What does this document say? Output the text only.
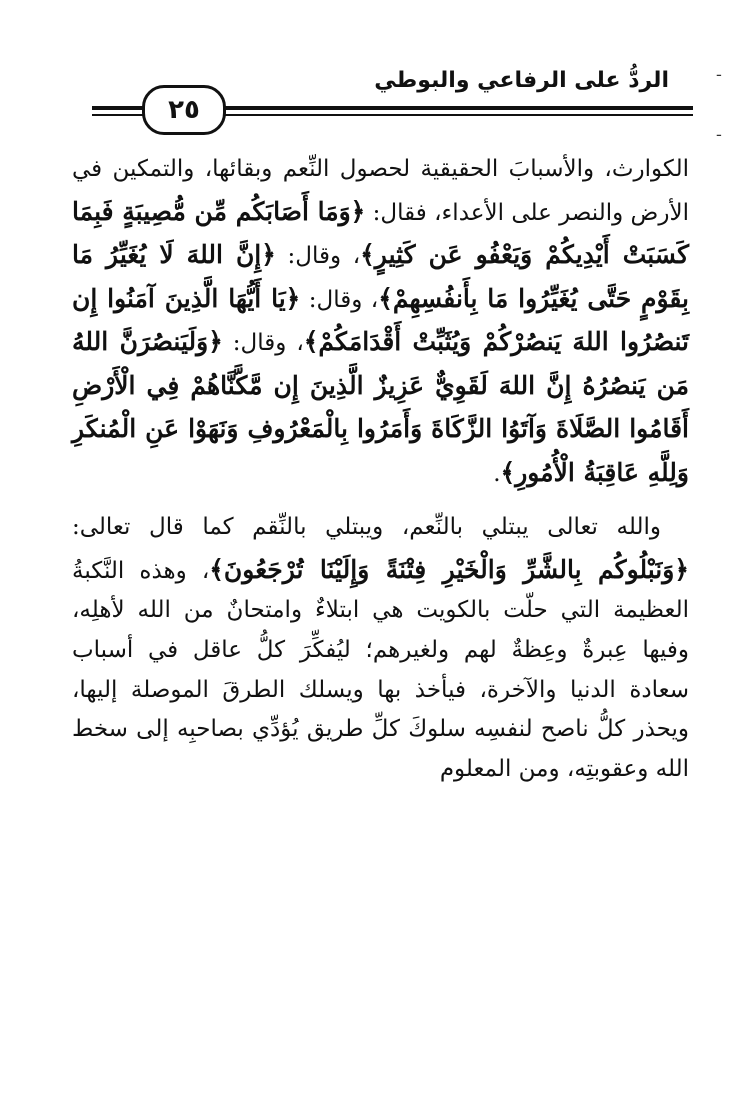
ـ
الردُّ على الرفاعي والبوطي
٢٥
ـ

الكوارث، والأسبابَ الحقيقية لحصول النِّعم وبقائها، والتمكين في الأرض والنصر على الأعداء، فقال: ﴿وَمَا أَصَابَكُم مِّن مُّصِيبَةٍ فَبِمَا كَسَبَتْ أَيْدِيكُمْ وَيَعْفُو عَن كَثِيرٍ﴾، وقال: ﴿إِنَّ اللهَ لَا يُغَيِّرُ مَا بِقَوْمٍ حَتَّى يُغَيِّرُوا مَا بِأَنفُسِهِمْ﴾، وقال: ﴿يَا أَيُّهَا الَّذِينَ آمَنُوا إِن تَنصُرُوا اللهَ يَنصُرْكُمْ وَيُثَبِّتْ أَقْدَامَكُمْ﴾، وقال: ﴿وَلَيَنصُرَنَّ اللهُ مَن يَنصُرُهُ إِنَّ اللهَ لَقَوِيٌّ عَزِيزٌ الَّذِينَ إِن مَّكَّنَّاهُمْ فِي الْأَرْضِ أَقَامُوا الصَّلَاةَ وَآتَوُا الزَّكَاةَ وَأَمَرُوا بِالْمَعْرُوفِ وَنَهَوْا عَنِ الْمُنكَرِ وَلِلَّهِ عَاقِبَةُ الْأُمُورِ﴾.

والله تعالى يبتلي بالنِّعم، ويبتلي بالنِّقم كما قال تعالى: ﴿وَنَبْلُوكُم بِالشَّرِّ وَالْخَيْرِ فِتْنَةً وَإِلَيْنَا تُرْجَعُونَ﴾، وهذه النَّكبةُ العظيمة التي حلّت بالكويت هي ابتلاءٌ وامتحانٌ من الله لأهلِه، وفيها عِبرةٌ وعِظةٌ لهم ولغيرهم؛ ليُفكِّرَ كلُّ عاقل في أسباب سعادة الدنيا والآخرة، فيأخذ بها ويسلك الطرقَ الموصلة إليها، ويحذر كلُّ ناصح لنفسِه سلوكَ كلِّ طريق يُؤدِّي بصاحبِه إلى سخط الله وعقوبتِه، ومن المعلوم
